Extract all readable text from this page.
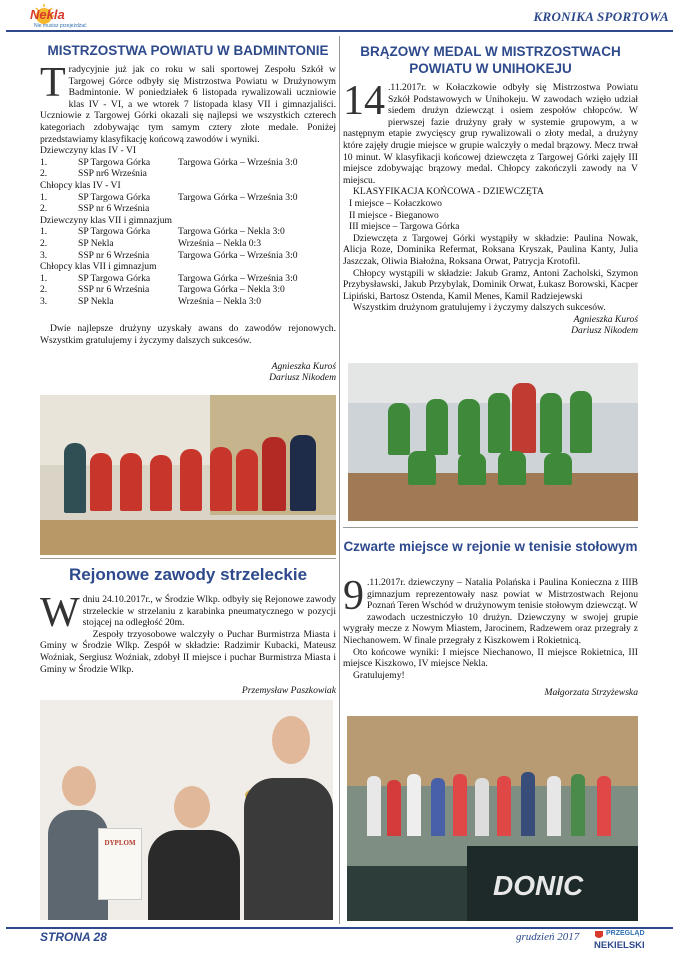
Nekla
Nie musisz przejeżdżać
KRONIKA SPORTOWA
MISTRZOSTWA POWIATU W BADMINTONIE
Tradycyjnie już jak co roku w sali sportowej Zespołu Szkół w Targowej Górce odbyły się Mistrzostwa Powiatu w Drużynowym Badmintonie. W poniedziałek 6 listopada rywalizowali uczniowie klas IV - VI, a we wtorek 7 listopada klasy VII i gimnazjaliści. Uczniowie z Targowej Górki okazali się najlepsi we wszystkich czterech kategoriach zdobywając tym samym cztery złote medale. Poniżej przedstawiamy klasyfikację końcową zawodów i wyniki.
Dziewczyny klas IV - VI
1.	SP Targowa Górka	Targowa Górka – Września 3:0
2.	SSP nr6 Września
Chłopcy klas IV - VI
1.	SP Targowa Górka	Targowa Górka – Września 3:0
2.	SSP nr 6 Września
Dziewczyny klas VII i gimnazjum
1.	SP Targowa Górka	Targowa Górka – Nekla 3:0
2.	SP Nekla	Września – Nekla 0:3
3.	SSP nr 6 Września	Targowa Górka – Września 3:0
Chłopcy klas VII i gimnazjum
1.	SP Targowa Górka	Targowa Górka – Września 3:0
2.	SSP nr 6 Września	Targowa Górka – Nekla 3:0
3.	SP Nekla	Września – Nekla 3:0
Dwie najlepsze drużyny uzyskały awans do zawodów rejonowych. Wszystkim gratulujemy i życzymy dalszych sukcesów.
Agnieszka Kuroś
Dariusz Nikodem
Rejonowe zawody strzeleckie
Wdniu 24.10.2017r., w Środzie Wlkp. odbyły się Rejonowe zawody strzeleckie w strzelaniu z karabinka pneumatycznego w pozycji stojącej na odległość 20m.
Zespoły trzyosobowe walczyły o Puchar Burmistrza Miasta i Gminy w Środzie Wlkp. Zespół w składzie: Radzimir Kubacki, Mateusz Woźniak, Sergiusz Woźniak, zdobył II miejsce i puchar Burmistrza Miasta i Gminy w Środzie Wlkp.
Przemysław Paszkowiak
DYPLOM
BRĄZOWY MEDAL W MISTRZOSTWACH POWIATU W UNIHOKEJU
14 .11.2017r. w Kołaczkowie odbyły się Mistrzostwa Powiatu Szkół Podstawowych w Unihokeju. W zawodach wzięło udział siedem drużyn dziewcząt i osiem zespołów chłopców. W pierwszej fazie drużyny grały w systemie grupowym, a w następnym etapie zwycięscy grup rywalizowali o złoty medal, a drużyny które zajęły drugie miejsce w grupie walczyły o medal brązowy. Mecz trwał 10 minut. W klasyfikacji końcowej dziewczęta z Targowej Górki zajęły III miejsce zdobywając brązowy medal. Chłopcy zakończyli zawody na V miejscu.
KLASYFIKACJA KOŃCOWA - DZIEWCZĘTA
I miejsce – Kołaczkowo
II miejsce - Bieganowo
III miejsce – Targowa Górka
Dziewczęta z Targowej Górki wystąpiły w składzie: Paulina Nowak, Alicja Roze, Dominika Refermat, Roksana Kryszak, Paulina Kanty, Julia Jaszczak, Oliwia Białożna, Roksana Orwat, Patrycja Krotofil.
Chłopcy wystąpili w składzie: Jakub Gramz, Antoni Zacholski, Szymon Przybysławski, Jakub Przybylak, Dominik Orwat, Łukasz Borowski, Kacper Lipiński, Bartosz Ostenda, Kamil Menes, Kamil Radziejewski
Wszystkim drużynom gratulujemy i życzymy dalszych sukcesów.
Agnieszka Kuroś
Dariusz Nikodem
Czwarte miejsce w rejonie w tenisie stołowym
9 .11.2017r. dziewczyny – Natalia Polańska i Paulina Konieczna z IIIB gimnazjum reprezentowały nasz powiat w Mistrzostwach Rejonu Poznań Teren Wschód w drużynowym tenisie stołowym dziewcząt. W zawodach uczestniczyło 10 drużyn. Dziewczyny w swojej grupie wygrały mecze z Nowym Miastem, Jarocinem, Radzewem oraz przegrały z Niechanowem. W finale przegrały z Kiszkowem i Rokietnicą.
Oto końcowe wyniki: I miejsce Niechanowo, II miejsce Rokietnica, III miejsce Kiszkowo, IV miejsce Nekla.
Gratulujemy!
Małgorzata Strzyżewska
DONIC
STRONA 28	grudzień 2017	PRZEGLĄD
NEKIELSKI
